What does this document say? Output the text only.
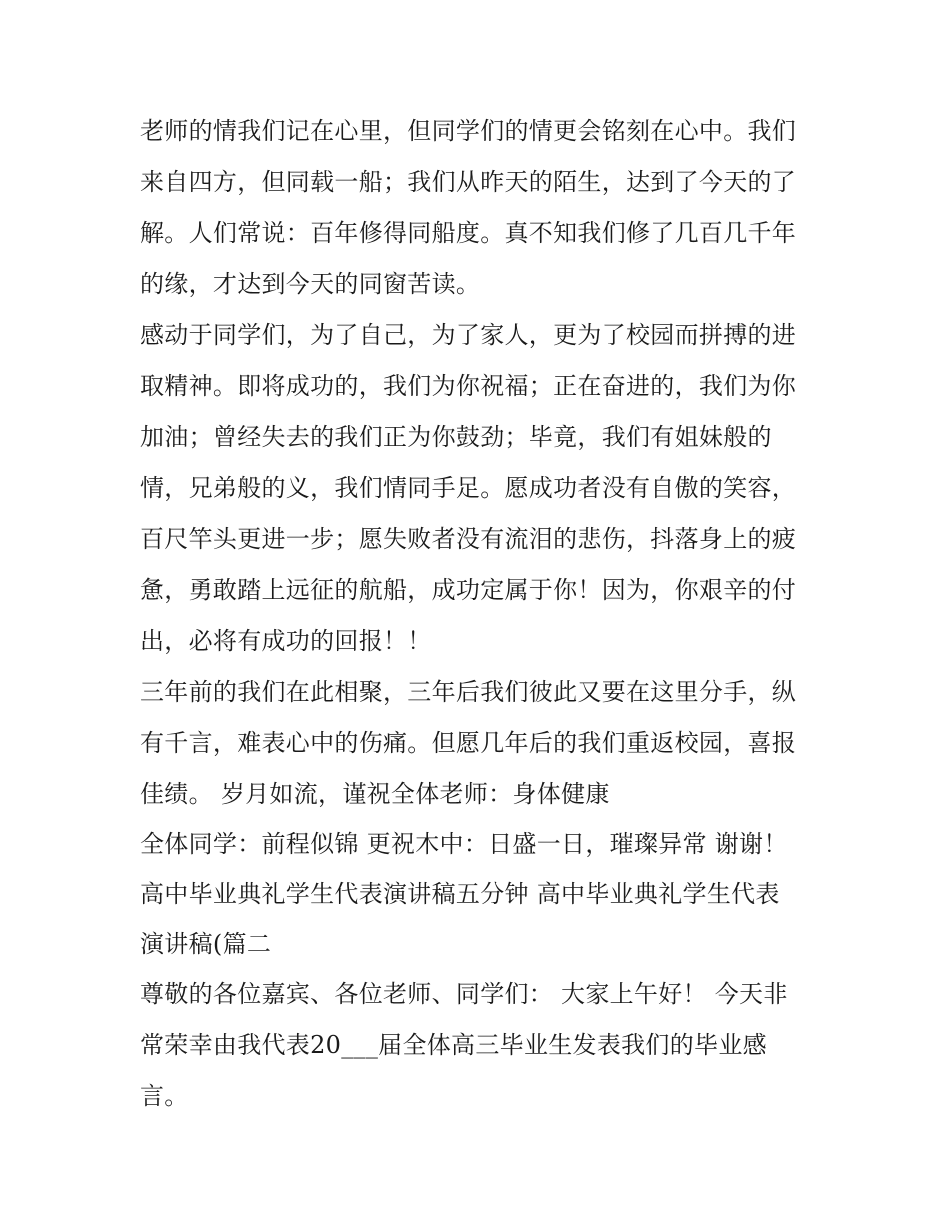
老师的情我们记在心里，但同学们的情更会铭刻在心中。我们
来自四方，但同载一船；我们从昨天的陌生，达到了今天的了
解。人们常说：百年修得同船度。真不知我们修了几百几千年
的缘，才达到今天的同窗苦读。
感动于同学们，为了自己，为了家人，更为了校园而拼搏的进
取精神。即将成功的，我们为你祝福；正在奋进的，我们为你
加油；曾经失去的我们正为你鼓劲；毕竟，我们有姐妹般的
情，兄弟般的义，我们情同手足。愿成功者没有自傲的笑容，
百尺竿头更进一步；愿失败者没有流泪的悲伤，抖落身上的疲
惫，勇敢踏上远征的航船，成功定属于你！因为，你艰辛的付
出，必将有成功的回报！！
三年前的我们在此相聚，三年后我们彼此又要在这里分手，纵
有千言，难表心中的伤痛。但愿几年后的我们重返校园，喜报
佳绩。 岁月如流，谨祝全体老师：身体健康
全体同学：前程似锦 更祝木中：日盛一日，璀璨异常 谢谢！
高中毕业典礼学生代表演讲稿五分钟 高中毕业典礼学生代表
演讲稿(篇二
尊敬的各位嘉宾、各位老师、同学们： 大家上午好！ 今天非
常荣幸由我代表20___届全体高三毕业生发表我们的毕业感
言。
